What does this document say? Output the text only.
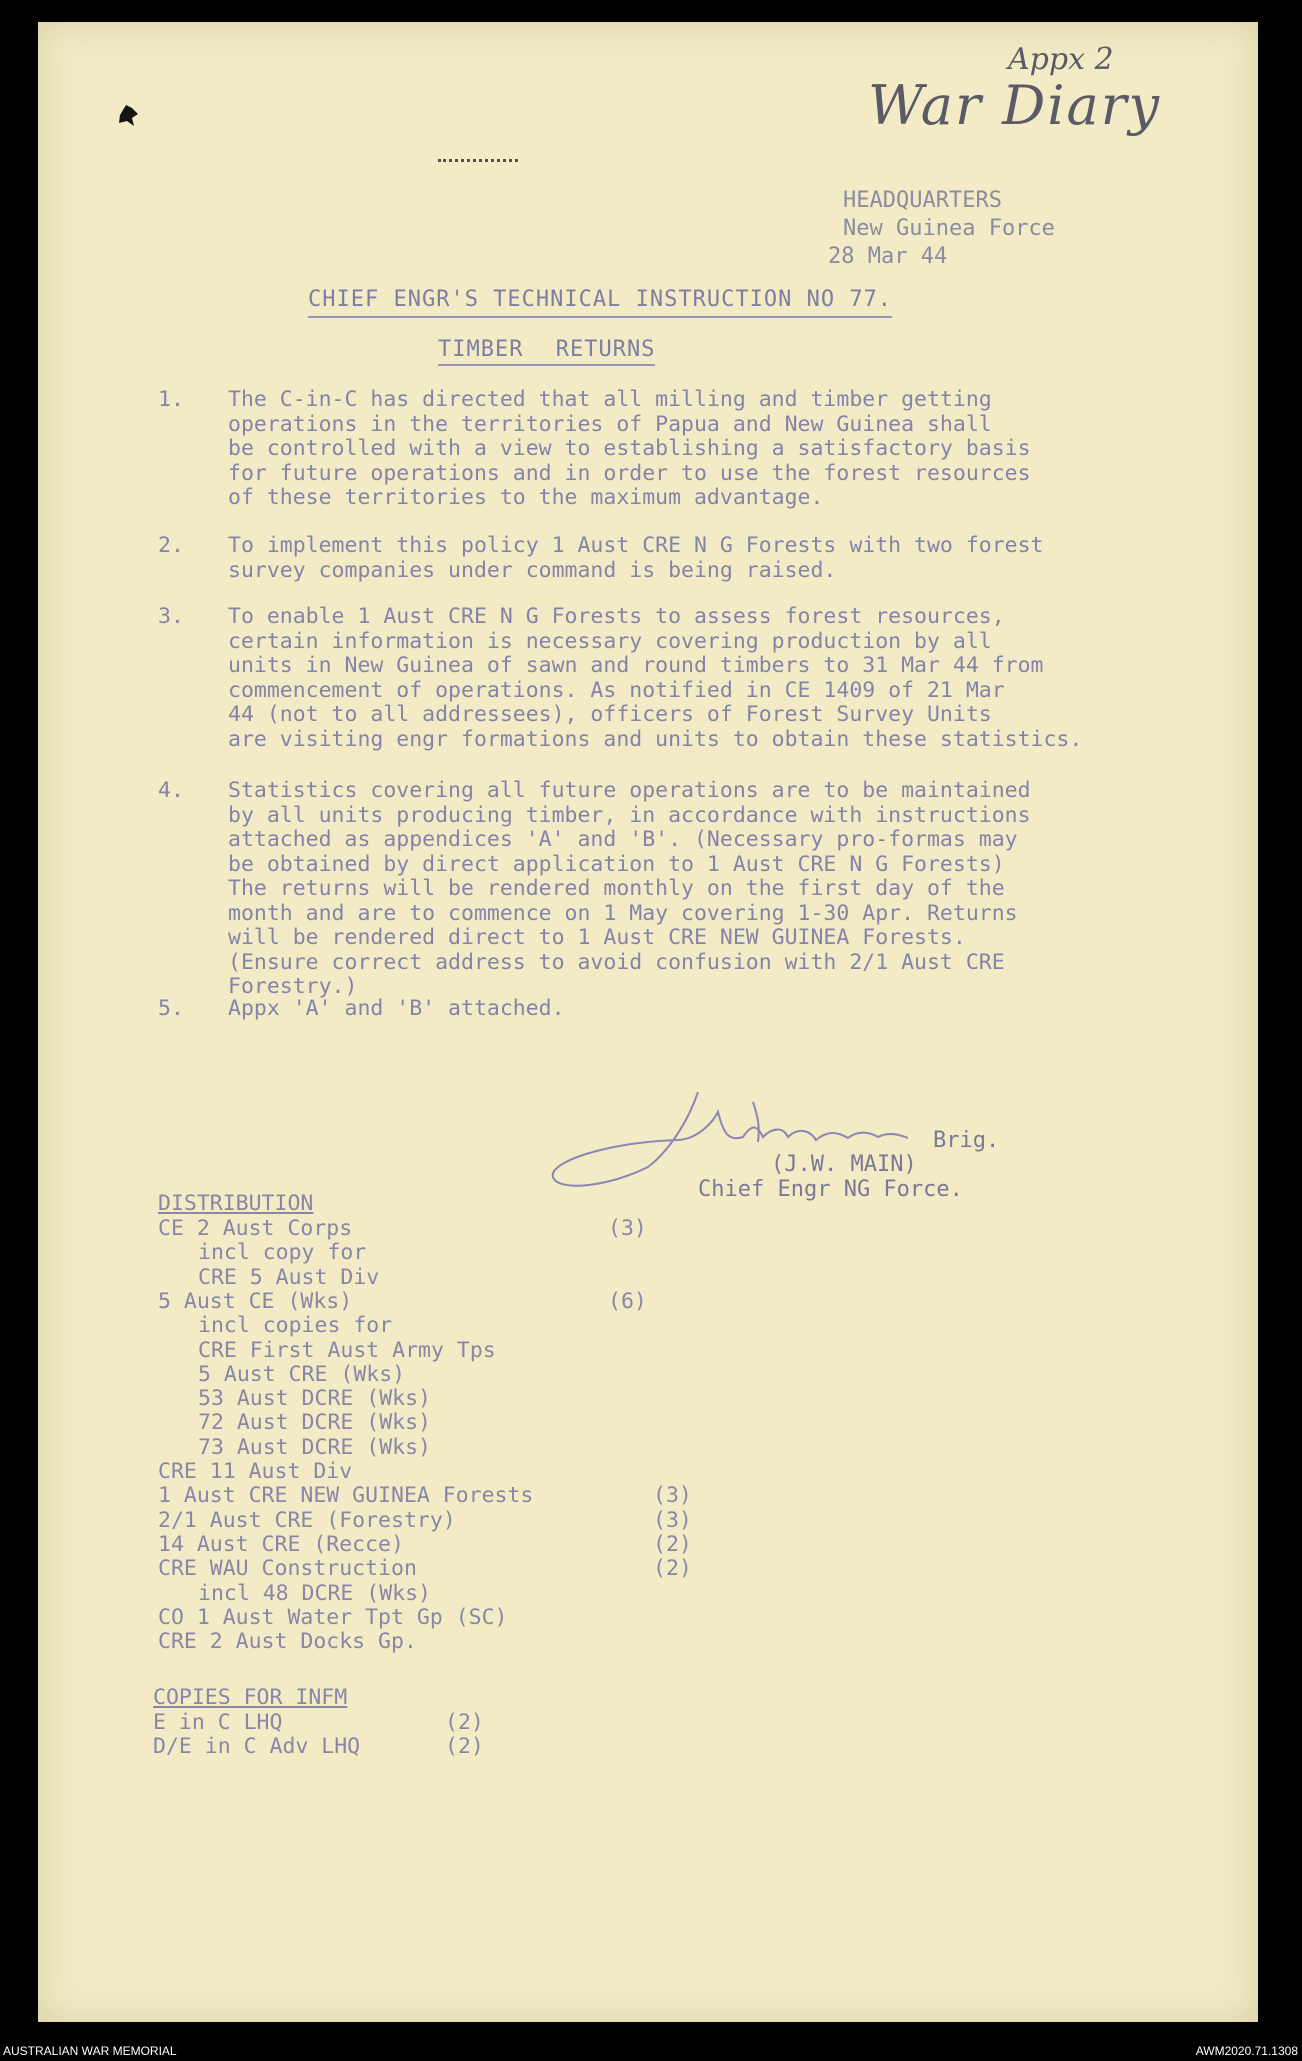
Appx 2
War Diary
HEADQUARTERS
New Guinea Force
28 Mar 44
CHIEF ENGR'S TECHNICAL INSTRUCTION NO 77.
TIMBER RETURNS
1. The C-in-C has directed that all milling and timber getting
operations in the territories of Papua and New Guinea shall
be controlled with a view to establishing a satisfactory basis
for future operations and in order to use the forest resources
of these territories to the maximum advantage.
2. To implement this policy 1 Aust CRE N G Forests with two forest
survey companies under command is being raised.
3. To enable 1 Aust CRE N G Forests to assess forest resources,
certain information is necessary covering production by all
units in New Guinea of sawn and round timbers to 31 Mar 44 from
commencement of operations. As notified in CE 1409 of 21 Mar
44 (not to all addressees), officers of Forest Survey Units
are visiting engr formations and units to obtain these statistics.
4. Statistics covering all future operations are to be maintained
by all units producing timber, in accordance with instructions
attached as appendices 'A' and 'B'. (Necessary pro-formas may
be obtained by direct application to 1 Aust CRE N G Forests)
The returns will be rendered monthly on the first day of the
month and are to commence on 1 May covering 1-30 Apr. Returns
will be rendered direct to 1 Aust CRE NEW GUINEA Forests.
(Ensure correct address to avoid confusion with 2/1 Aust CRE
Forestry.)
5. Appx 'A' and 'B' attached.
Brig.
(J.W. MAIN)
Chief Engr NG Force.
DISTRIBUTION
CE 2 Aust Corps	(3)
incl copy for
CRE 5 Aust Div
5 Aust CE (Wks)	(6)
incl copies for
CRE First Aust Army Tps
5 Aust CRE (Wks)
53 Aust DCRE (Wks)
72 Aust DCRE (Wks)
73 Aust DCRE (Wks)
CRE 11 Aust Div
1 Aust CRE NEW GUINEA Forests	(3)
2/1 Aust CRE (Forestry)	(3)
14 Aust CRE (Recce)	(2)
CRE WAU Construction	(2)
incl 48 DCRE (Wks)
CO 1 Aust Water Tpt Gp (SC)
CRE 2 Aust Docks Gp.
COPIES FOR INFM
E in C LHQ	(2)
D/E in C Adv LHQ	(2)
AUSTRALIAN WAR MEMORIAL	AWM2020.71.1308
